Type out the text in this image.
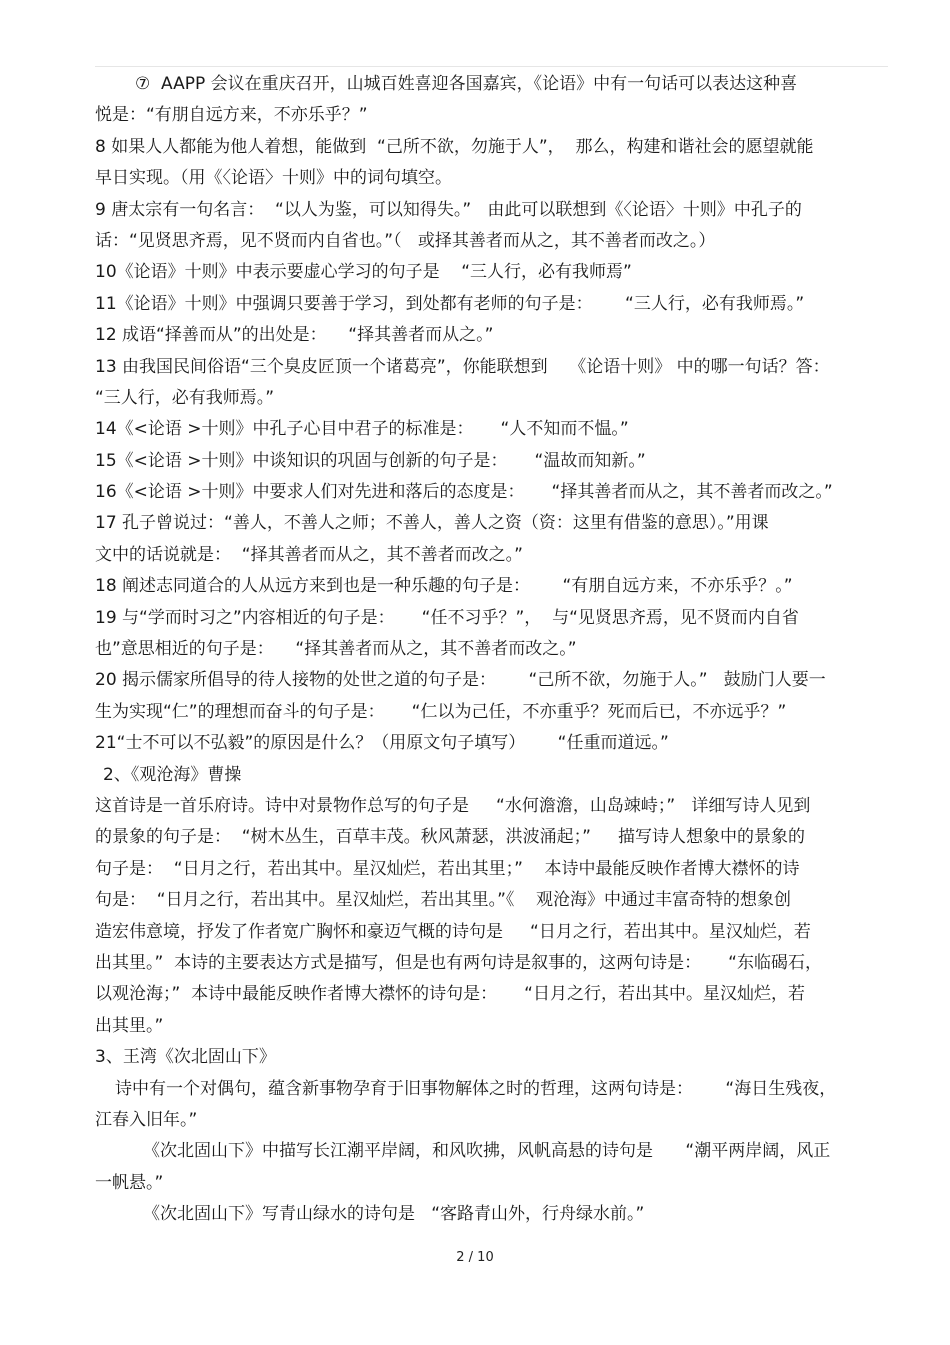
⑦  AAPP 会议在重庆召开，山城百姓喜迎各国嘉宾，《论语》中有一句话可以表达这种喜
悦是：“有朋自远方来，不亦乐乎？”
8 如果人人都能为他人着想，能做到  “己所不欲，勿施于人”，  那么，构建和谐社会的愿望就能
早日实现。（用《〈论语〉十则》中的词句填空。
9 唐太宗有一句名言：  “以人为鉴，可以知得失。”   由此可以联想到《〈论语〉十则》中孔子的
话：“见贤思齐焉，见不贤而内自省也。”（   或择其善者而从之，其不善者而改之。）
10《论语》十则》中表示要虚心学习的句子是    “三人行，必有我师焉”
11《论语》十则》中强调只要善于学习，到处都有老师的句子是：      “三人行，必有我师焉。”
12 成语“择善而从”的出处是：    “择其善者而从之。”
13 由我国民间俗语“三个臭皮匠顶一个诸葛亮”，你能联想到    《论语十则》 中的哪一句话？答：
“三人行，必有我师焉。”
14《<论语 >十则》中孔子心目中君子的标准是：     “人不知而不愠。”
15《<论语 >十则》中谈知识的巩固与创新的句子是：     “温故而知新。”
16《<论语 >十则》中要求人们对先进和落后的态度是：     “择其善者而从之，其不善者而改之。”
17 孔子曾说过：“善人，不善人之师；不善人，善人之资（资：这里有借鉴的意思）。”用课
文中的话说就是：  “择其善者而从之，其不善者而改之。”
18 阐述志同道合的人从远方来到也是一种乐趣的句子是：      “有朋自远方来，不亦乐乎？。”
19 与“学而时习之”内容相近的句子是：     “任不习乎？”，  与“见贤思齐焉，见不贤而内自省
也”意思相近的句子是：    “择其善者而从之，其不善者而改之。”
20 揭示儒家所倡导的待人接物的处世之道的句子是：      “己所不欲，勿施于人。”   鼓励门人要一
生为实现“仁”的理想而奋斗的句子是：     “仁以为己任，不亦重乎？死而后已，不亦远乎？”
21“士不可以不弘毅”的原因是什么？（用原文句子填写）      “任重而道远。”
2、《观沧海》曹操
这首诗是一首乐府诗。诗中对景物作总写的句子是     “水何澹澹，山岛竦峙；”   详细写诗人见到
的景象的句子是：  “树木丛生，百草丰茂。秋风萧瑟，洪波涌起；”     描写诗人想象中的景象的
句子是：  “日月之行，若出其中。星汉灿烂，若出其里；”    本诗中最能反映作者博大襟怀的诗
句是：  “日月之行，若出其中。星汉灿烂，若出其里。”《    观沧海》中通过丰富奇特的想象创
造宏伟意境，抒发了作者宽广胸怀和豪迈气概的诗句是     “日月之行，若出其中。星汉灿烂，若
出其里。”  本诗的主要表达方式是描写，但是也有两句诗是叙事的，这两句诗是：     “东临碣石，
以观沧海；”  本诗中最能反映作者博大襟怀的诗句是：     “日月之行，若出其中。星汉灿烂，若
出其里。”
3、王湾《次北固山下》
诗中有一个对偶句，蕴含新事物孕育于旧事物解体之时的哲理，这两句诗是：      “海日生残夜，
江春入旧年。”
《次北固山下》中描写长江潮平岸阔，和风吹拂，风帆高悬的诗句是      “潮平两岸阔，风正
一帆悬。”
《次北固山下》写青山绿水的诗句是   “客路青山外，行舟绿水前。”
2 / 10
